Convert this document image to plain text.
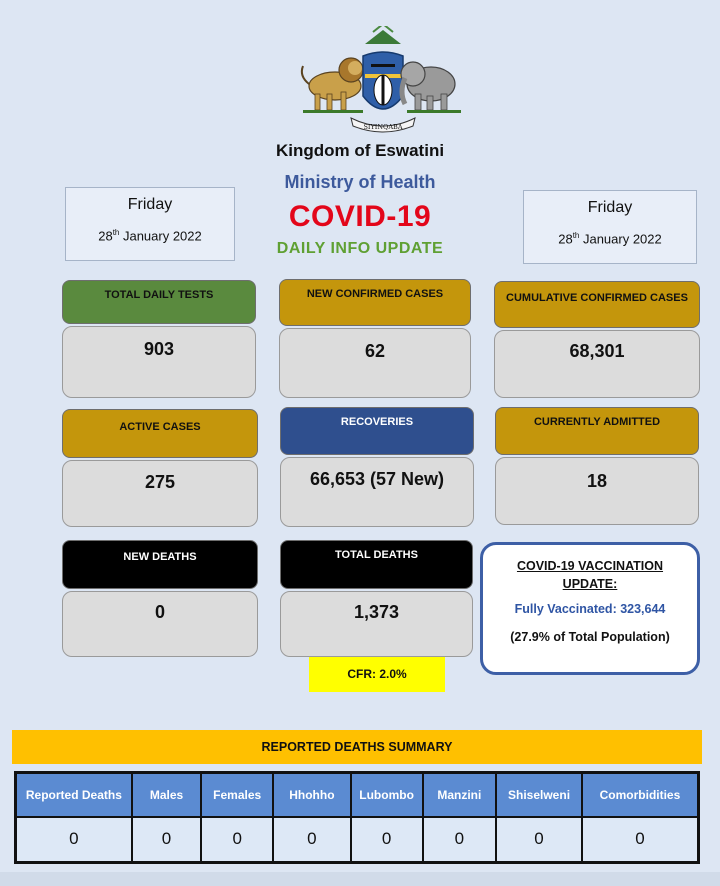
SIYINQABA
Kingdom of Eswatini
Ministry of Health
COVID-19
DAILY INFO UPDATE
Friday
28th January 2022
Friday
28th January 2022
TOTAL DAILY TESTS
903
NEW CONFIRMED CASES
62
CUMULATIVE CONFIRMED CASES
68,301
ACTIVE CASES
275
RECOVERIES
66,653 (57 New)
CURRENTLY ADMITTED
18
NEW DEATHS
0
TOTAL DEATHS
1,373
CFR: 2.0%
COVID-19 VACCINATION
UPDATE:
Fully Vaccinated: 323,644
(27.9% of Total Population)
REPORTED DEATHS SUMMARY
Reported Deaths	Males	Females	Hhohho	Lubombo	Manzini	Shiselweni	Comorbidities
0	0	0	0	0	0	0	0
